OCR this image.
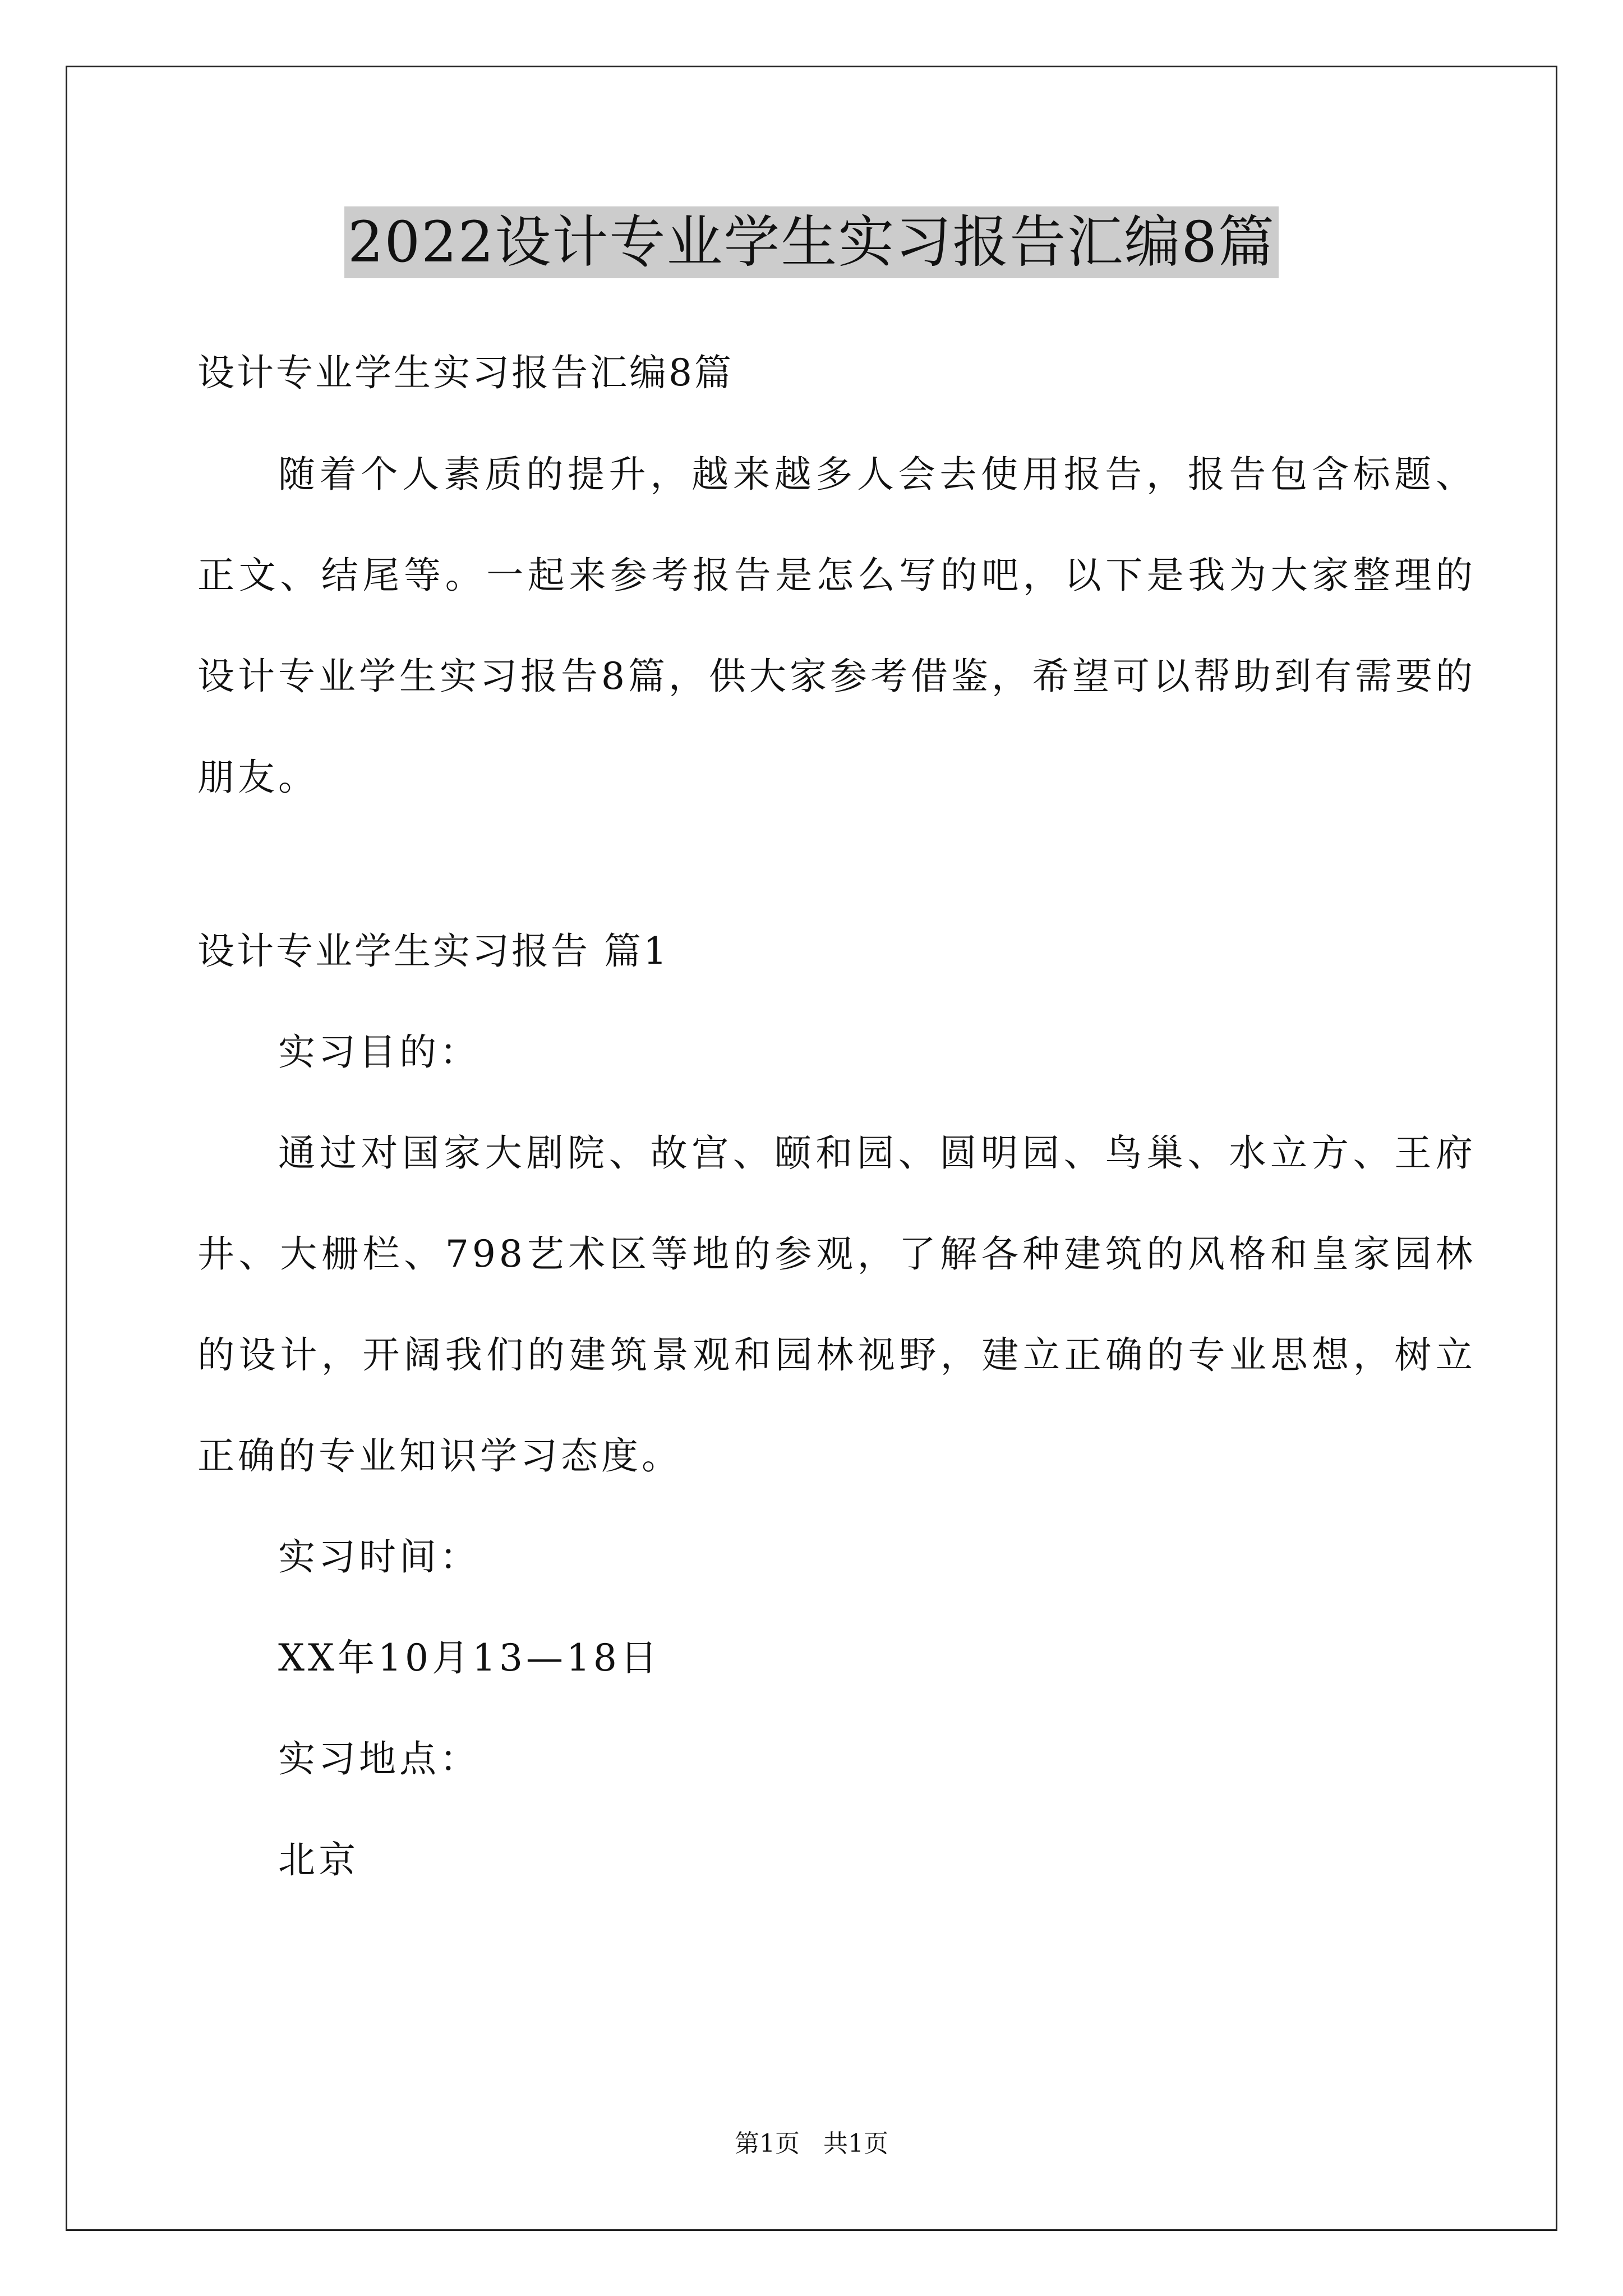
2022设计专业学生实习报告汇编8篇

设计专业学生实习报告汇编8篇

随着个人素质的提升，越来越多人会去使用报告，报告包含标题、正文、结尾等。一起来参考报告是怎么写的吧，以下是我为大家整理的设计专业学生实习报告8篇，供大家参考借鉴，希望可以帮助到有需要的朋友。

设计专业学生实习报告 篇1

实习目的：

通过对国家大剧院、故宫、颐和园、圆明园、鸟巢、水立方、王府井、大栅栏、798艺术区等地的参观，了解各种建筑的风格和皇家园林的设计，开阔我们的建筑景观和园林视野，建立正确的专业思想，树立正确的专业知识学习态度。

实习时间：

XX年10月13—18日

实习地点：

北京

第1页 共1页
